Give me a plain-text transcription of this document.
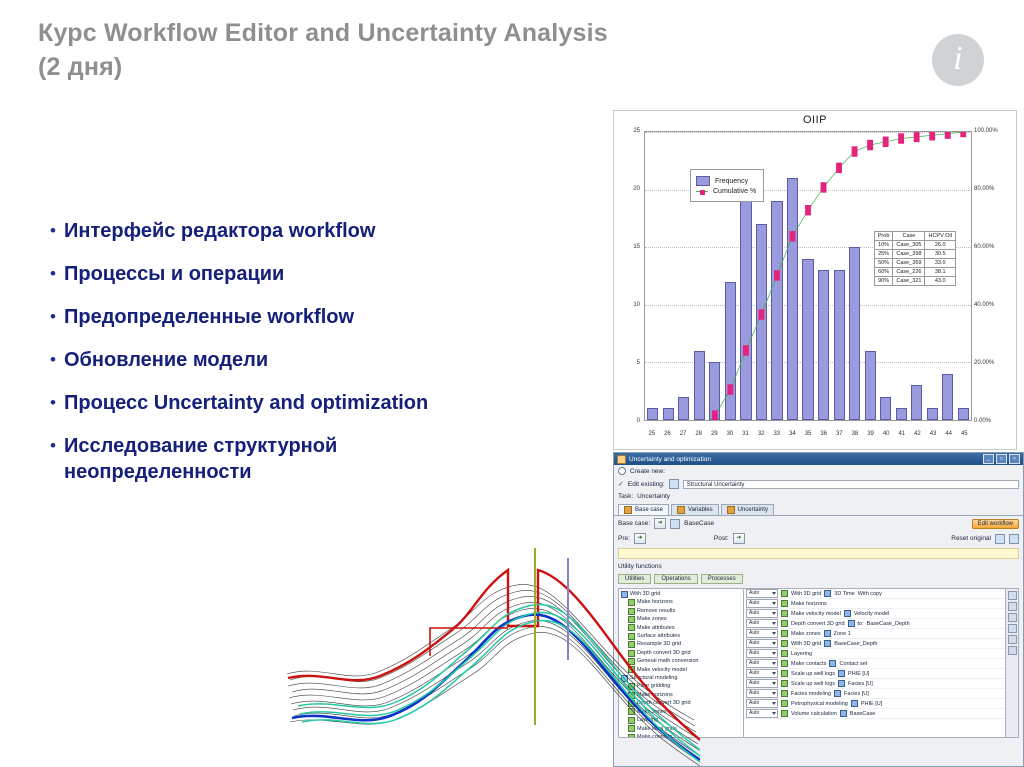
Курс Workflow Editor and Uncertainty Analysis
(2 дня)	i
• Интерфейс редактора workflow
• Процессы и операции
• Предопределенные workflow
• Обновление модели
• Процесс Uncertainty and optimization
• Исследование структурной
неопределенности
OIIP
0
5
10
15
20
25
0.00%
20.00%
40.00%
60.00%
80.00%
100.00%
Frequency
Cumulative %
Prob	Case	HCPV Oil
10%	Case_305	26.0
25%	Case_398	30.5
50%	Case_369	33.0
60%	Case_226	38.1
90%	Case_321	43.0
25	26	27	28	29	30	31	32	33	34	35	36	37	38	39	40	41	42	43	44	45
Uncertainty and optimization	_	□	×
Create new:
✓ Edit existing:	Structural Uncertainty
Task: Uncertainty
Base case	Variables	Uncertainty
Base case:	➜	BaseCase	Edit workflow
Pre:	➜	Post:	➜	Reset original
Utility functions
Utilities	Operations	Processes
With 3D grid
Make horizons
Remove results
Make zones
Make attributes
Surface attributes
Resample 3D grid
Depth convert 3D grid
General math conversion
Make velocity model
Structural modeling
Pillar gridding
Make horizons
Depth convert 3D grid
Make zones
Layering
Make local grids
Make contacts
Auto	With 3D grid 3D Time With copy
Auto	Make horizons
Auto	Make velocity model Velocity model
Auto	Depth convert 3D grid to: BaseCase_Depth
Auto	Make zones Zone 1
Auto	With 3D grid BaseCase_Depth
Auto	Layering
Auto	Make contacts Contact set
Auto	Scale up well logs PHIE [U]
Auto	Scale up well logs Facies [U]
Auto	Facies modeling Facies [U]
Auto	Petrophysical modeling PHIE [U]
Auto	Volume calculation BaseCase
